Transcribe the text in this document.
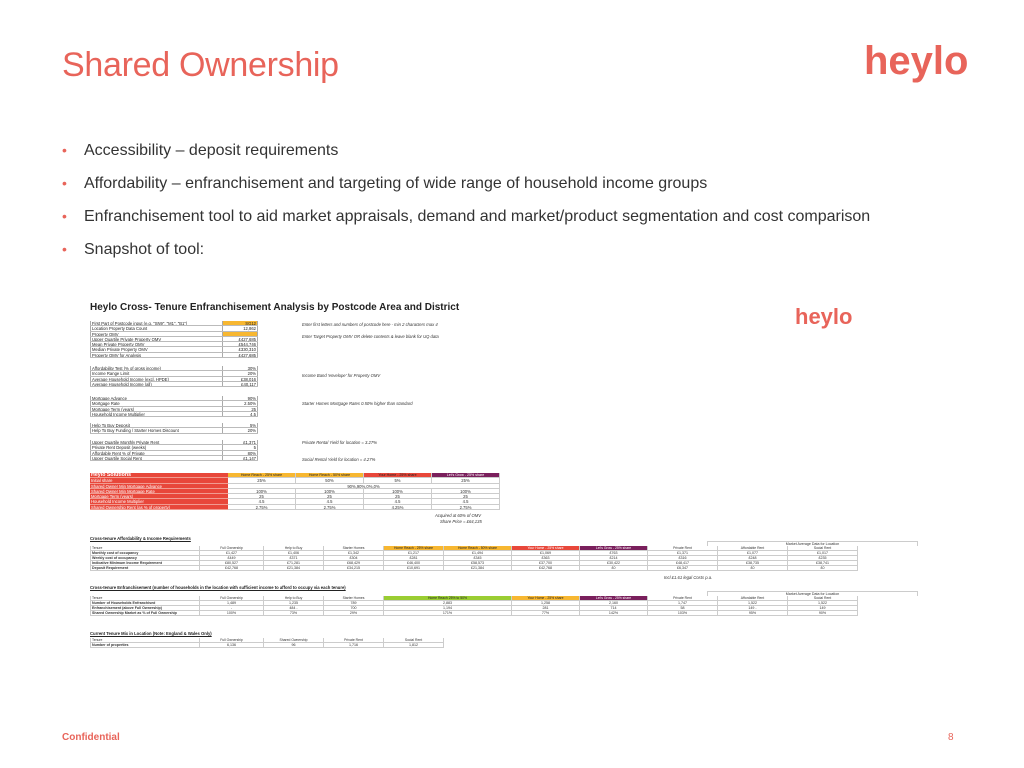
Shared Ownership	heylo
• Accessibility – deposit requirements
• Affordability – enfranchisement and targeting of wide range of household income groups
• Enfranchisement tool to aid market appraisals, demand and market/product segmentation and cost comparison
• Snapshot of tool:
Heylo Cross- Tenure Enfranchisement Analysis by Postcode Area and District	heylo
First Part of Postcode input (e.g. "SN9", "M1", "B1")	SG12
Location Property Data Count	12,862
Property OMV
Upper Quartile Private Property OMV	£427,685
Mean Private Property OMV	£544,746
Median Private Property OMV	£330,310
Property OMV for Analysis	£427,685
Affordability Test (% of gross income)	30%
Income Range Limit	20%
Average Household Income (excl. HPDE)	£38,016
Average Household Income (all)	£40,117
Mortgage Advance	90%
Mortgage Rate	2.50%
Mortgage Term (years)	25
Household Income Multiplier	4.5
Help To Buy Deposit	5%
Help To Buy Funding / Starter Homes Discount	20%
Upper Quartile Monthly Private Rent	£1,371
Private Rent Deposit (weeks)	5
Affordable Rent % of Private	80%
Upper Quartile Social Rent	£1,147
Enter first letters and numbers of postcode here - min 2 characters max 4
Enter Target Property OMV OR delete contents & leave blank for UQ data
Income Band 'envelope' for Property OMV
Starter Homes Mortgage Rates 0.50% higher than standard
Private Rental Yield for location = 3.27%
Social Rental Yield for location = 4.27%
Heylo Solutions	Home Reach - 25% share	Home Reach - 50% share	Your Home - 25% share	Let's Grow - 25% share
Initial share	25%	50%	5%	25%
Shared Owner Min Mortgage Advance	90%,90%,0%,0%
Shared Owner Min Mortgage Rate	100%	100%	100%	100%
Mortgage Term (years)	25	25	25	25
Household Income Multiplier	4.5	4.5	4.5	4.5
Shared Ownership Rent (as % of property)	2.75%	2.75%	4.25%	2.75%
Acquired at 60% of OMV
Share Price = £64,135
Cross-tenure Affordability & Income Requirements
Market Average Data for Location
Tenure	Full Ownership	Help to Buy	Starter Homes	Home Reach - 25% share	Home Reach - 50% share	Your Home - 25% share	Let's Grow - 25% share	Private Rent	Affordable Rent	Social Rent
Monthly cost of occupancy	£1,427	£1,406	£1,342	£1,217	£1,494	£1,069	£763	£1,371	£1,077	£1,017
Weekly cost of occupancy	£449	£371	£304	£281	£345	£363	£214	£316	£248	£235
Indicative Minimum Income Requirement	£80,527	£71,281	£68,429	£46,400	£58,573	£37,700	£30,422	£48,417	£38,735	£38,741
Deposit Requirement	£42,768	£21,384	£34,215	£10,691	£21,384	£42,768	£0	£6,347	£0	£0
Incl £1.61 legal Costs p.a.
Cross-tenure Enfranchisement (number of households in the location with sufficient income to afford to occupy via each tenure)
Market Average Data for Location
Tenure	Full Ownership	Help to Buy	Starter Homes	Home Reach 25% to 50%	Your Home - 25% share	Let's Grow - 25% share	Private Rent	Affordable Rent	Social Rent
Number of Households Enfranchised	1,489	1,235	789	2,883	1,258	2,160	1,747	1,522	1,522
Enfranchisement (above Full Ownership)	-	484 -	700	1,194	281	714	58	149 -	149
Shared Ownership Market as % of Full Ownership	100%	73%	29%	171%	77%	142%	103%	95%	90%
Current Tenure Mix in Location (Note: England & Wales Only)
Tenure	Full Ownership	Shared Ownership	Private Rent	Social Rent
Number of properties	6,136	96	1,716	1,812
Confidential	8
